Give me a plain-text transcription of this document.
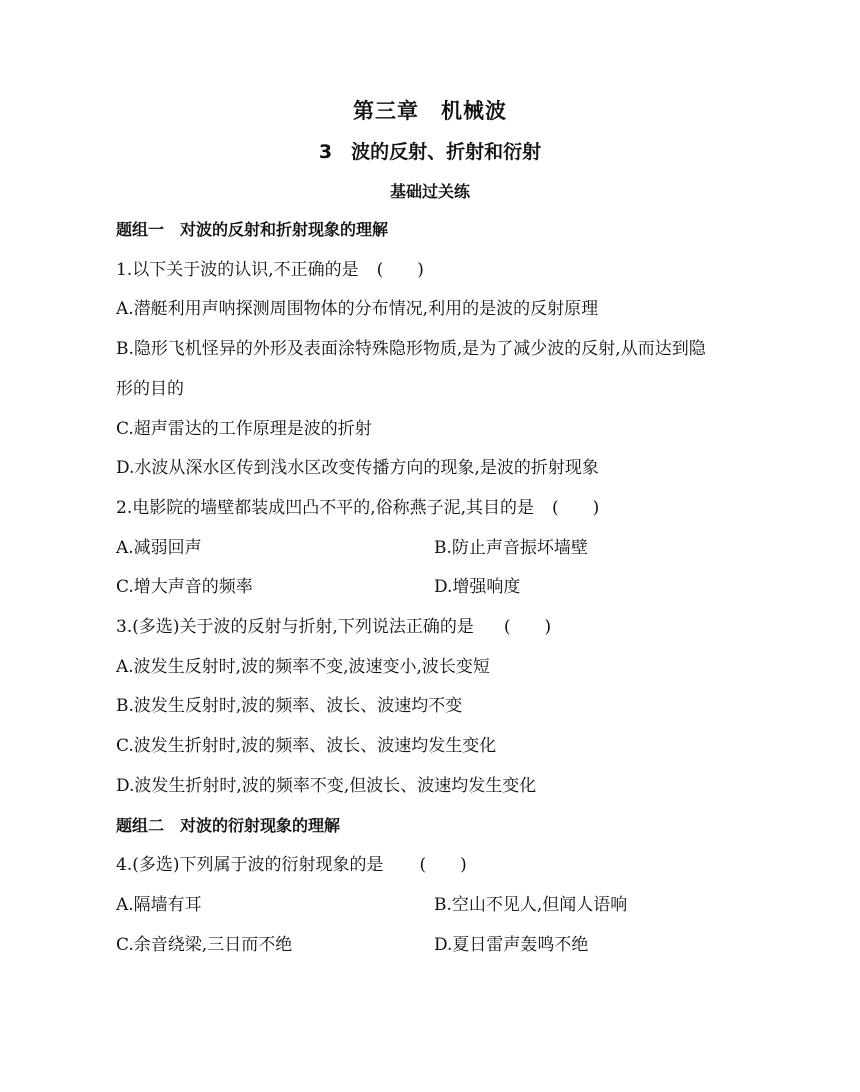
第三章　机械波
3　波的反射、折射和衍射
基础过关练
题组一　对波的反射和折射现象的理解
1.以下关于波的认识,不正确的是 (　　)
A.潜艇利用声呐探测周围物体的分布情况,利用的是波的反射原理
B.隐形飞机怪异的外形及表面涂特殊隐形物质,是为了减少波的反射,从而达到隐
形的目的
C.超声雷达的工作原理是波的折射
D.水波从深水区传到浅水区改变传播方向的现象,是波的折射现象
2.电影院的墙壁都装成凹凸不平的,俗称燕子泥,其目的是 (　　)
A.减弱回声	B.防止声音振坏墙壁
C.增大声音的频率	D.增强响度
3.(多选)关于波的反射与折射,下列说法正确的是 (　　)
A.波发生反射时,波的频率不变,波速变小,波长变短
B.波发生反射时,波的频率、波长、波速均不变
C.波发生折射时,波的频率、波长、波速均发生变化
D.波发生折射时,波的频率不变,但波长、波速均发生变化
题组二　对波的衍射现象的理解
4.(多选)下列属于波的衍射现象的是 (　　)
A.隔墙有耳	B.空山不见人,但闻人语响
C.余音绕梁,三日而不绝	D.夏日雷声轰鸣不绝
